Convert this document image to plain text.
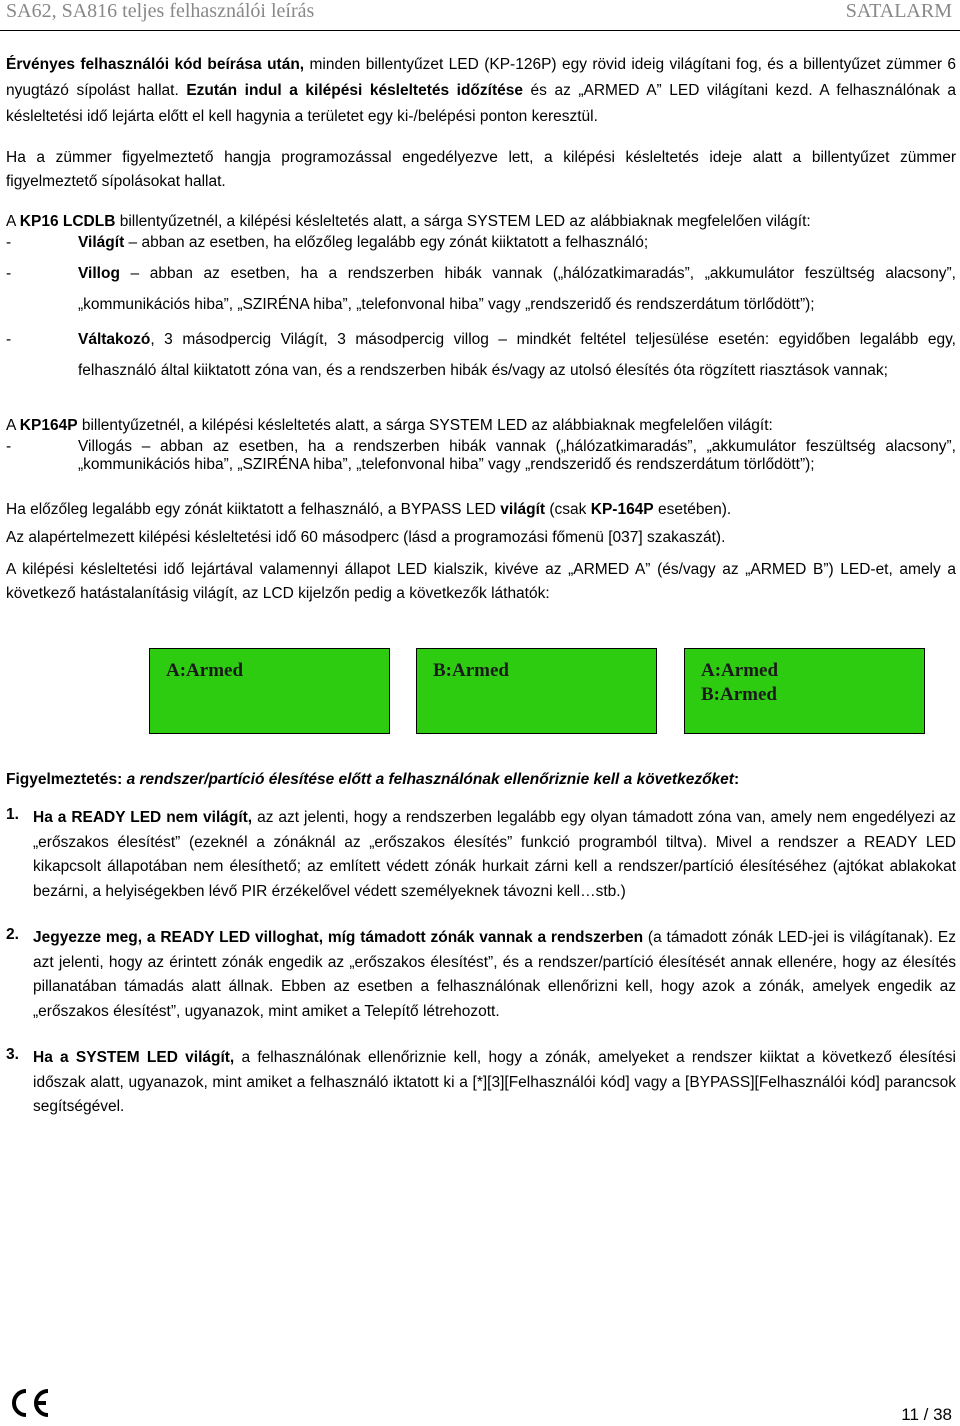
SA62, SA816 teljes felhasználói leírás	SATALARM

Érvényes felhasználói kód beírása után, minden billentyűzet LED (KP-126P) egy rövid ideig világítani fog, és a billentyűzet zümmer 6 nyugtázó sípolást hallat. Ezután indul a kilépési késleltetés időzítése és az „ARMED A” LED világítani kezd. A felhasználónak a késleltetési idő lejárta előtt el kell hagynia a területet egy ki-/belépési ponton keresztül.

Ha a zümmer figyelmeztető hangja programozással engedélyezve lett, a kilépési késleltetés ideje alatt a billentyűzet zümmer figyelmeztető sípolásokat hallat.

A KP16 LCDLB billentyűzetnél, a kilépési késleltetés alatt, a sárga SYSTEM LED az alábbiaknak megfelelően világít:

-	Világít – abban az esetben, ha előzőleg legalább egy zónát kiiktatott a felhasználó;
-	Villog – abban az esetben, ha a rendszerben hibák vannak („hálózatkimaradás”, „akkumulátor feszültség alacsony”, „kommunikációs hiba”, „SZIRÉNA hiba”, „telefonvonal hiba” vagy „rendszeridő és rendszerdátum törlődött”);
-	Váltakozó, 3 másodpercig Világít, 3 másodpercig villog – mindkét feltétel teljesülése esetén: egyidőben legalább egy, felhasználó által kiiktatott zóna van, és a rendszerben hibák és/vagy az utolsó élesítés óta rögzített riasztások vannak;

A KP164P billentyűzetnél, a kilépési késleltetés alatt, a sárga SYSTEM LED az alábbiaknak megfelelően világít:

-	Villogás – abban az esetben, ha a rendszerben hibák vannak („hálózatkimaradás”, „akkumulátor feszültség alacsony”, „kommunikációs hiba”, „SZIRÉNA hiba”, „telefonvonal hiba” vagy „rendszeridő és rendszerdátum törlődött”);

Ha előzőleg legalább egy zónát kiiktatott a felhasználó, a BYPASS LED világít (csak KP-164P esetében).

Az alapértelmezett kilépési késleltetési idő 60 másodperc (lásd a programozási főmenü [037] szakaszát).

A kilépési késleltetési idő lejártával valamennyi állapot LED kialszik, kivéve az „ARMED A” (és/vagy az „ARMED B”) LED-et, amely a következő hatástalanításig világít, az LCD kijelzőn pedig a következők láthatók:

A:Armed	B:Armed	A:Armed
B:Armed

Figyelmeztetés: a rendszer/partíció élesítése előtt a felhasználónak ellenőriznie kell a következőket:

1. Ha a READY LED nem világít, az azt jelenti, hogy a rendszerben legalább egy olyan támadott zóna van, amely nem engedélyezi az „erőszakos élesítést” (ezeknél a zónáknál az „erőszakos élesítés” funkció programból tiltva). Mivel a rendszer a READY LED kikapcsolt állapotában nem élesíthető; az említett védett zónák hurkait zárni kell a rendszer/partíció élesítéséhez (ajtókat ablakokat bezárni, a helyiségekben lévő PIR érzékelővel védett személyeknek távozni kell…stb.)
2. Jegyezze meg, a READY LED villoghat, míg támadott zónák vannak a rendszerben (a támadott zónák LED-jei is világítanak). Ez azt jelenti, hogy az érintett zónák engedik az „erőszakos élesítést”, és a rendszer/partíció élesítését annak ellenére, hogy az élesítés pillanatában támadás alatt állnak. Ebben az esetben a felhasználónak ellenőrizni kell, hogy azok a zónák, amelyek engedik az „erőszakos élesítést”, ugyanazok, mint amiket a Telepítő létrehozott.
3. Ha a SYSTEM LED világít, a felhasználónak ellenőriznie kell, hogy a zónák, amelyeket a rendszer kiiktat a következő élesítési időszak alatt, ugyanazok, mint amiket a felhasználó iktatott ki a [*][3][Felhasználói kód] vagy a [BYPASS][Felhasználói kód] parancsok segítségével.
11 / 38
